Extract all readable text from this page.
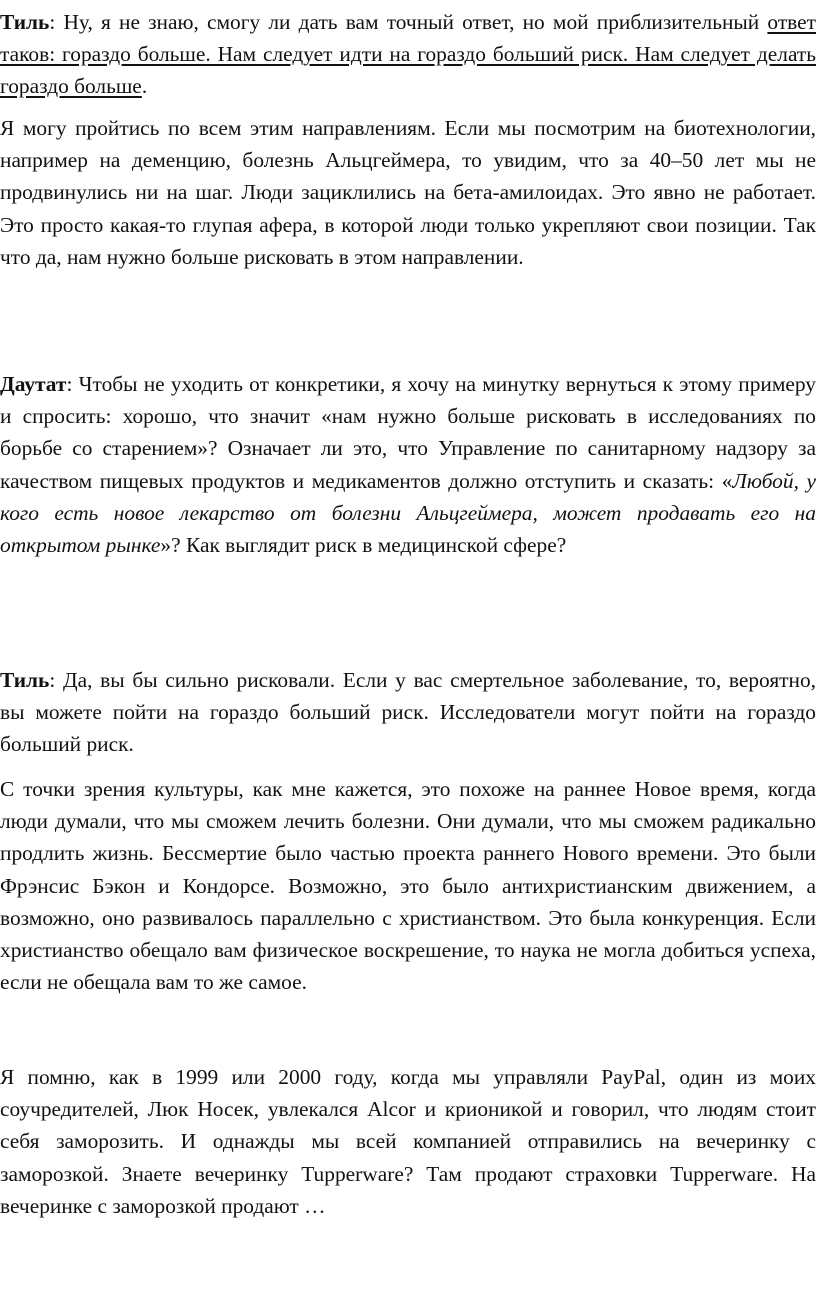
Тиль: Ну, я не знаю, смогу ли дать вам точный ответ, но мой приблизительный ответ таков: гораздо больше. Нам следует идти на гораздо больший риск. Нам следует делать гораздо больше.

Я могу пройтись по всем этим направлениям. Если мы посмотрим на биотехнологии, например на деменцию, болезнь Альцгеймера, то увидим, что за 40–50 лет мы не продвинулись ни на шаг. Люди зациклились на бета-амилоидах. Это явно не работает. Это просто какая-то глупая афера, в которой люди только укрепляют свои позиции. Так что да, нам нужно больше рисковать в этом направлении.

Даутат: Чтобы не уходить от конкретики, я хочу на минутку вернуться к этому примеру и спросить: хорошо, что значит «нам нужно больше рисковать в исследованиях по борьбе со старением»? Означает ли это, что Управление по санитарному надзору за качеством пищевых продуктов и медикаментов должно отступить и сказать: «Любой, у кого есть новое лекарство от болезни Альцгеймера, может продавать его на открытом рынке»? Как выглядит риск в медицинской сфере?

Тиль: Да, вы бы сильно рисковали. Если у вас смертельное заболевание, то, вероятно, вы можете пойти на гораздо больший риск. Исследователи могут пойти на гораздо больший риск.

С точки зрения культуры, как мне кажется, это похоже на раннее Новое время, когда люди думали, что мы сможем лечить болезни. Они думали, что мы сможем радикально продлить жизнь. Бессмертие было частью проекта раннего Нового времени. Это были Фрэнсис Бэкон и Кондорсе. Возможно, это было антихристианским движением, а возможно, оно развивалось параллельно с христианством. Это была конкуренция. Если христианство обещало вам физическое воскрешение, то наука не могла добиться успеха, если не обещала вам то же самое.

Я помню, как в 1999 или 2000 году, когда мы управляли PayPal, один из моих соучредителей, Люк Носек, увлекался Alcor и крионикой и говорил, что людям стоит себя заморозить. И однажды мы всей компанией отправились на вечеринку с заморозкой. Знаете вечеринку Tupperware? Там продают страховки Tupperware. На вечеринке с заморозкой продают …
